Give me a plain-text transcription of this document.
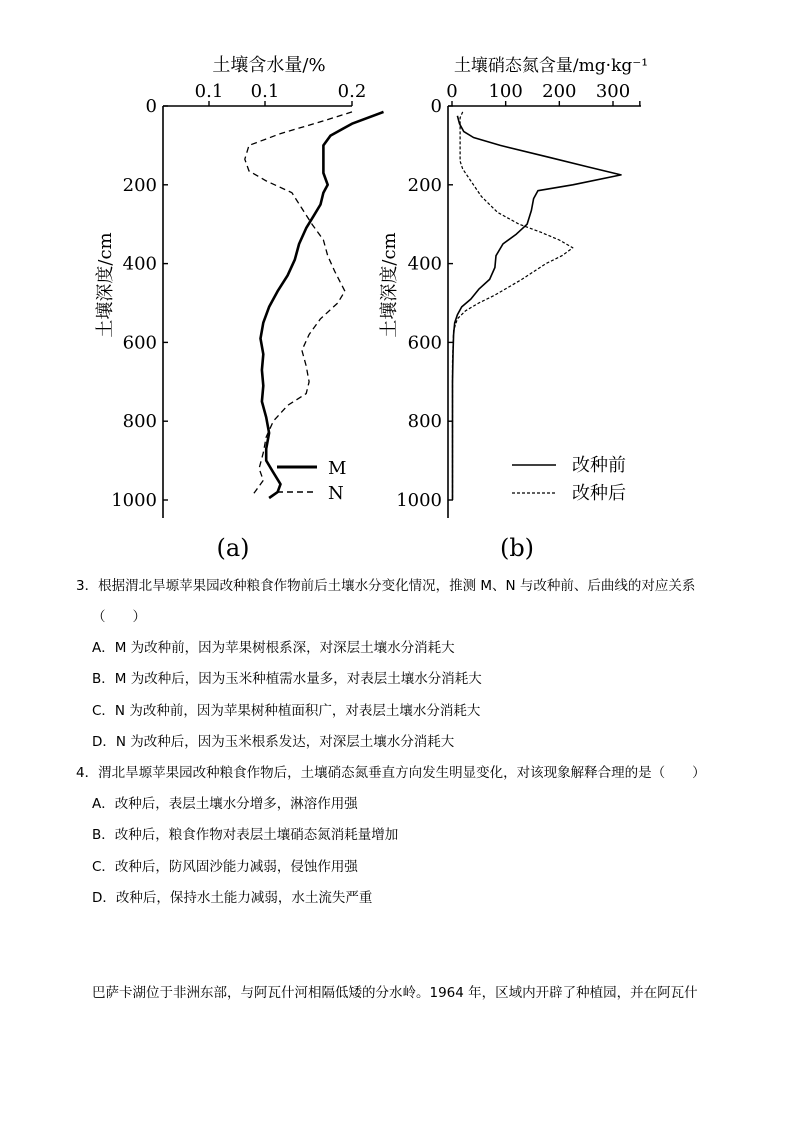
土壤含水量/%
0.1 0.1	0.2
0
200
400
600
800
1000
土壤深度/cm
M
N
(a)
土壤硝态氮含量/mg·kg⁻¹
0 100 200 300
0
200
400
600
800
1000
土壤深度/cm
改种前
改种后
(b)
3．根据渭北旱塬苹果园改种粮食作物前后土壤水分变化情况，推测 M、N 与改种前、后曲线的对应关系
（　　）
A．M 为改种前，因为苹果树根系深，对深层土壤水分消耗大
B．M 为改种后，因为玉米种植需水量多，对表层土壤水分消耗大
C．N 为改种前，因为苹果树种植面积广，对表层土壤水分消耗大
D．N 为改种后，因为玉米根系发达，对深层土壤水分消耗大
4．渭北旱塬苹果园改种粮食作物后，土壤硝态氮垂直方向发生明显变化，对该现象解释合理的是（　　）
A．改种后，表层土壤水分增多，淋溶作用强
B．改种后，粮食作物对表层土壤硝态氮消耗量增加
C．改种后，防风固沙能力减弱，侵蚀作用强
D．改种后，保持水土能力减弱，水土流失严重
巴萨卡湖位于非洲东部，与阿瓦什河相隔低矮的分水岭。1964 年，区域内开辟了种植园，并在阿瓦什
